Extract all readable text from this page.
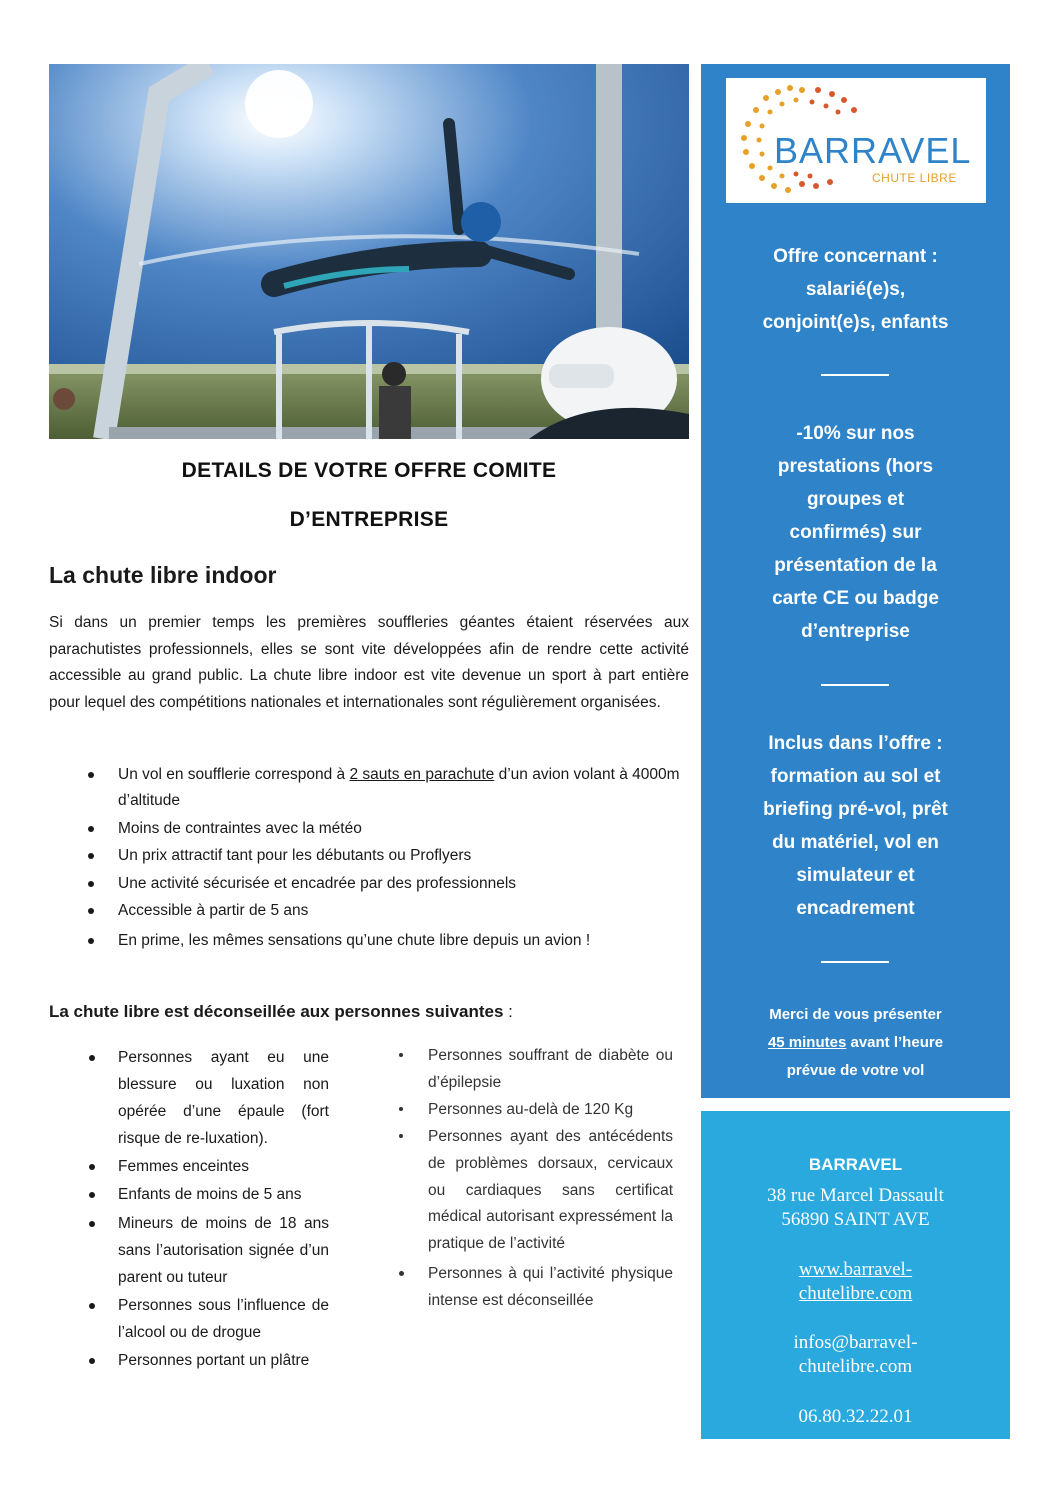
DETAILS DE VOTRE OFFRE COMITE
D’ENTREPRISE
La chute libre indoor

Si dans un premier temps les premières souffleries géantes étaient réservées aux parachutistes professionnels, elles se sont vite développées afin de rendre cette activité accessible au grand public. La chute libre indoor est vite devenue un sport à part entière pour lequel des compétitions nationales et internationales sont régulièrement organisées.

Un vol en soufflerie correspond à 2 sauts en parachute d’un avion volant à 4000m d’altitude
Moins de contraintes avec la météo
Un prix attractif tant pour les débutants ou Proflyers
Une activité sécurisée et encadrée par des professionnels
Accessible à partir de 5 ans
En prime, les mêmes sensations qu’une chute libre depuis un avion !
La chute libre est déconseillée aux personnes suivantes :
Personnes ayant eu une blessure ou luxation non opérée d’une épaule (fort risque de re-luxation).
Femmes enceintes
Enfants de moins de 5 ans
Mineurs de moins de 18 ans sans l’autorisation signée d’un parent ou tuteur
Personnes sous l’influence de l’alcool ou de drogue
Personnes portant un plâtre
Personnes souffrant de diabète ou d’épilepsie
Personnes au-delà de 120 Kg
Personnes ayant des antécédents de problèmes dorsaux, cervicaux ou cardiaques sans certificat médical autorisant expressément la pratique de l’activité
Personnes à qui l’activité physique intense est déconseillée
BARRAVEL
CHUTE LIBRE
Offre concernant :
salarié(e)s,
conjoint(e)s, enfants
-10% sur nos
prestations (hors
groupes et
confirmés) sur
présentation de la
carte CE ou badge
d’entreprise
Inclus dans l’offre :
formation au sol et
briefing pré-vol, prêt
du matériel, vol en
simulateur et
encadrement
Merci de vous présenter
45 minutes avant l’heure
prévue de votre vol
BARRAVEL
38 rue Marcel Dassault
56890 SAINT AVE
www.barravel-
chutelibre.com
infos@barravel-
chutelibre.com
06.80.32.22.01
